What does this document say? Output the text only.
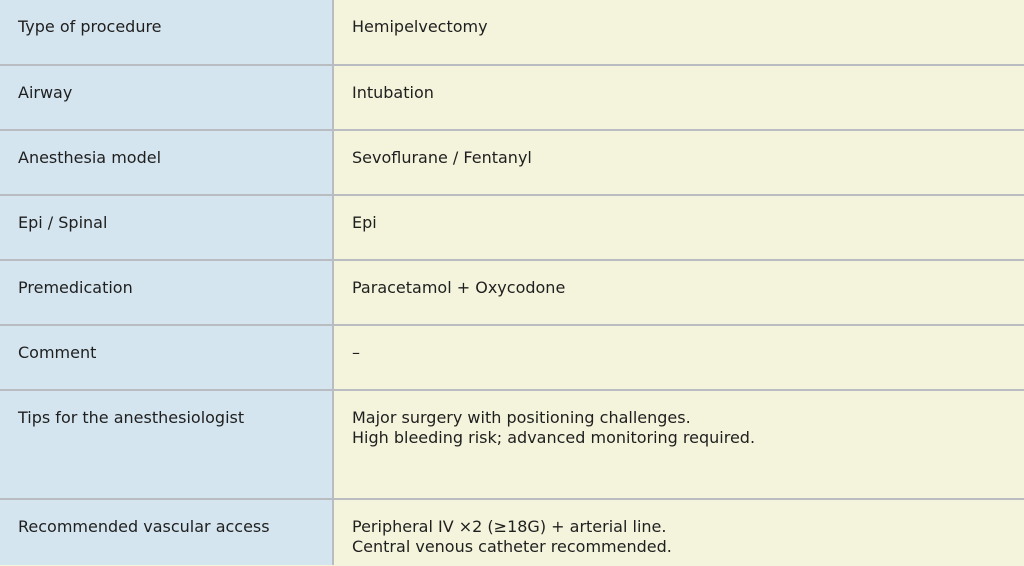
Type of procedure	Hemipelvectomy

Airway	Intubation

Anesthesia model	Sevoflurane / Fentanyl

Epi / Spinal	Epi

Premedication	Paracetamol + Oxycodone

Comment	–

Tips for the anesthesiologist	Major surgery with positioning challenges.
High bleeding risk; advanced monitoring required.

Recommended vascular access	Peripheral IV ×2 (≥18G) + arterial line.
Central venous catheter recommended.
